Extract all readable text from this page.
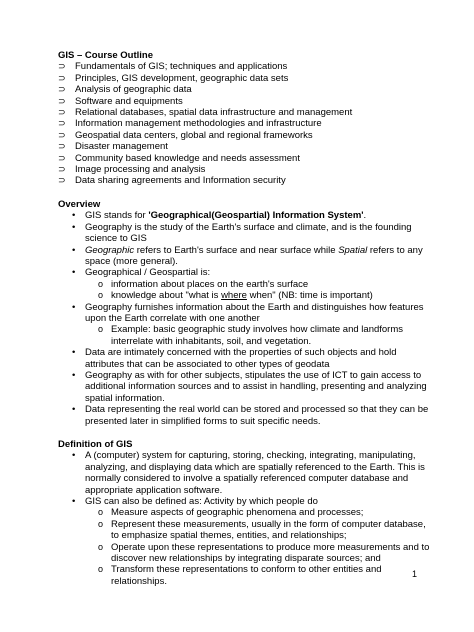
GIS – Course Outline
⊃ Fundamentals of GIS; techniques and applications
⊃ Principles, GIS development, geographic data sets
⊃ Analysis of geographic data
⊃ Software and equipments
⊃ Relational databases, spatial data infrastructure and management
⊃ Information management methodologies and infrastructure
⊃ Geospatial data centers, global and regional frameworks
⊃ Disaster management
⊃ Community based knowledge and needs assessment
⊃ Image processing and analysis
⊃ Data sharing agreements and Information security
Overview
• GIS stands for 'Geographical(Geospartial) Information System'.
• Geography is the study of the Earth's surface and climate, and is the founding science to GIS
• Geographic refers to Earth's surface and near surface while Spatial refers to any space (more general).
• Geographical / Geospartial is:
o information about places on the earth's surface
o knowledge about "what is where when" (NB: time is important)
• Geography furnishes information about the Earth and distinguishes how features upon the Earth correlate with one another
o Example: basic geographic study involves how climate and landforms interrelate with inhabitants, soil, and vegetation.
• Data are intimately concerned with the properties of such objects and hold attributes that can be associated to other types of geodata
• Geography as with for other subjects, stipulates the use of ICT to gain access to additional information sources and to assist in handling, presenting and analyzing spatial information.
• Data representing the real world can be stored and processed so that they can be presented later in simplified forms to suit specific needs.
Definition of GIS
• A (computer) system for capturing, storing, checking, integrating, manipulating, analyzing, and displaying data which are spatially referenced to the Earth. This is normally considered to involve a spatially referenced computer database and appropriate application software.
• GIS can also be defined as: Activity by which people do
o Measure aspects of geographic phenomena and processes;
o Represent these measurements, usually in the form of computer database, to emphasize spatial themes, entities, and relationships;
o Operate upon these representations to produce more measurements and to discover new relationships by integrating disparate sources; and
o Transform these representations to conform to other entities and relationships.
1
